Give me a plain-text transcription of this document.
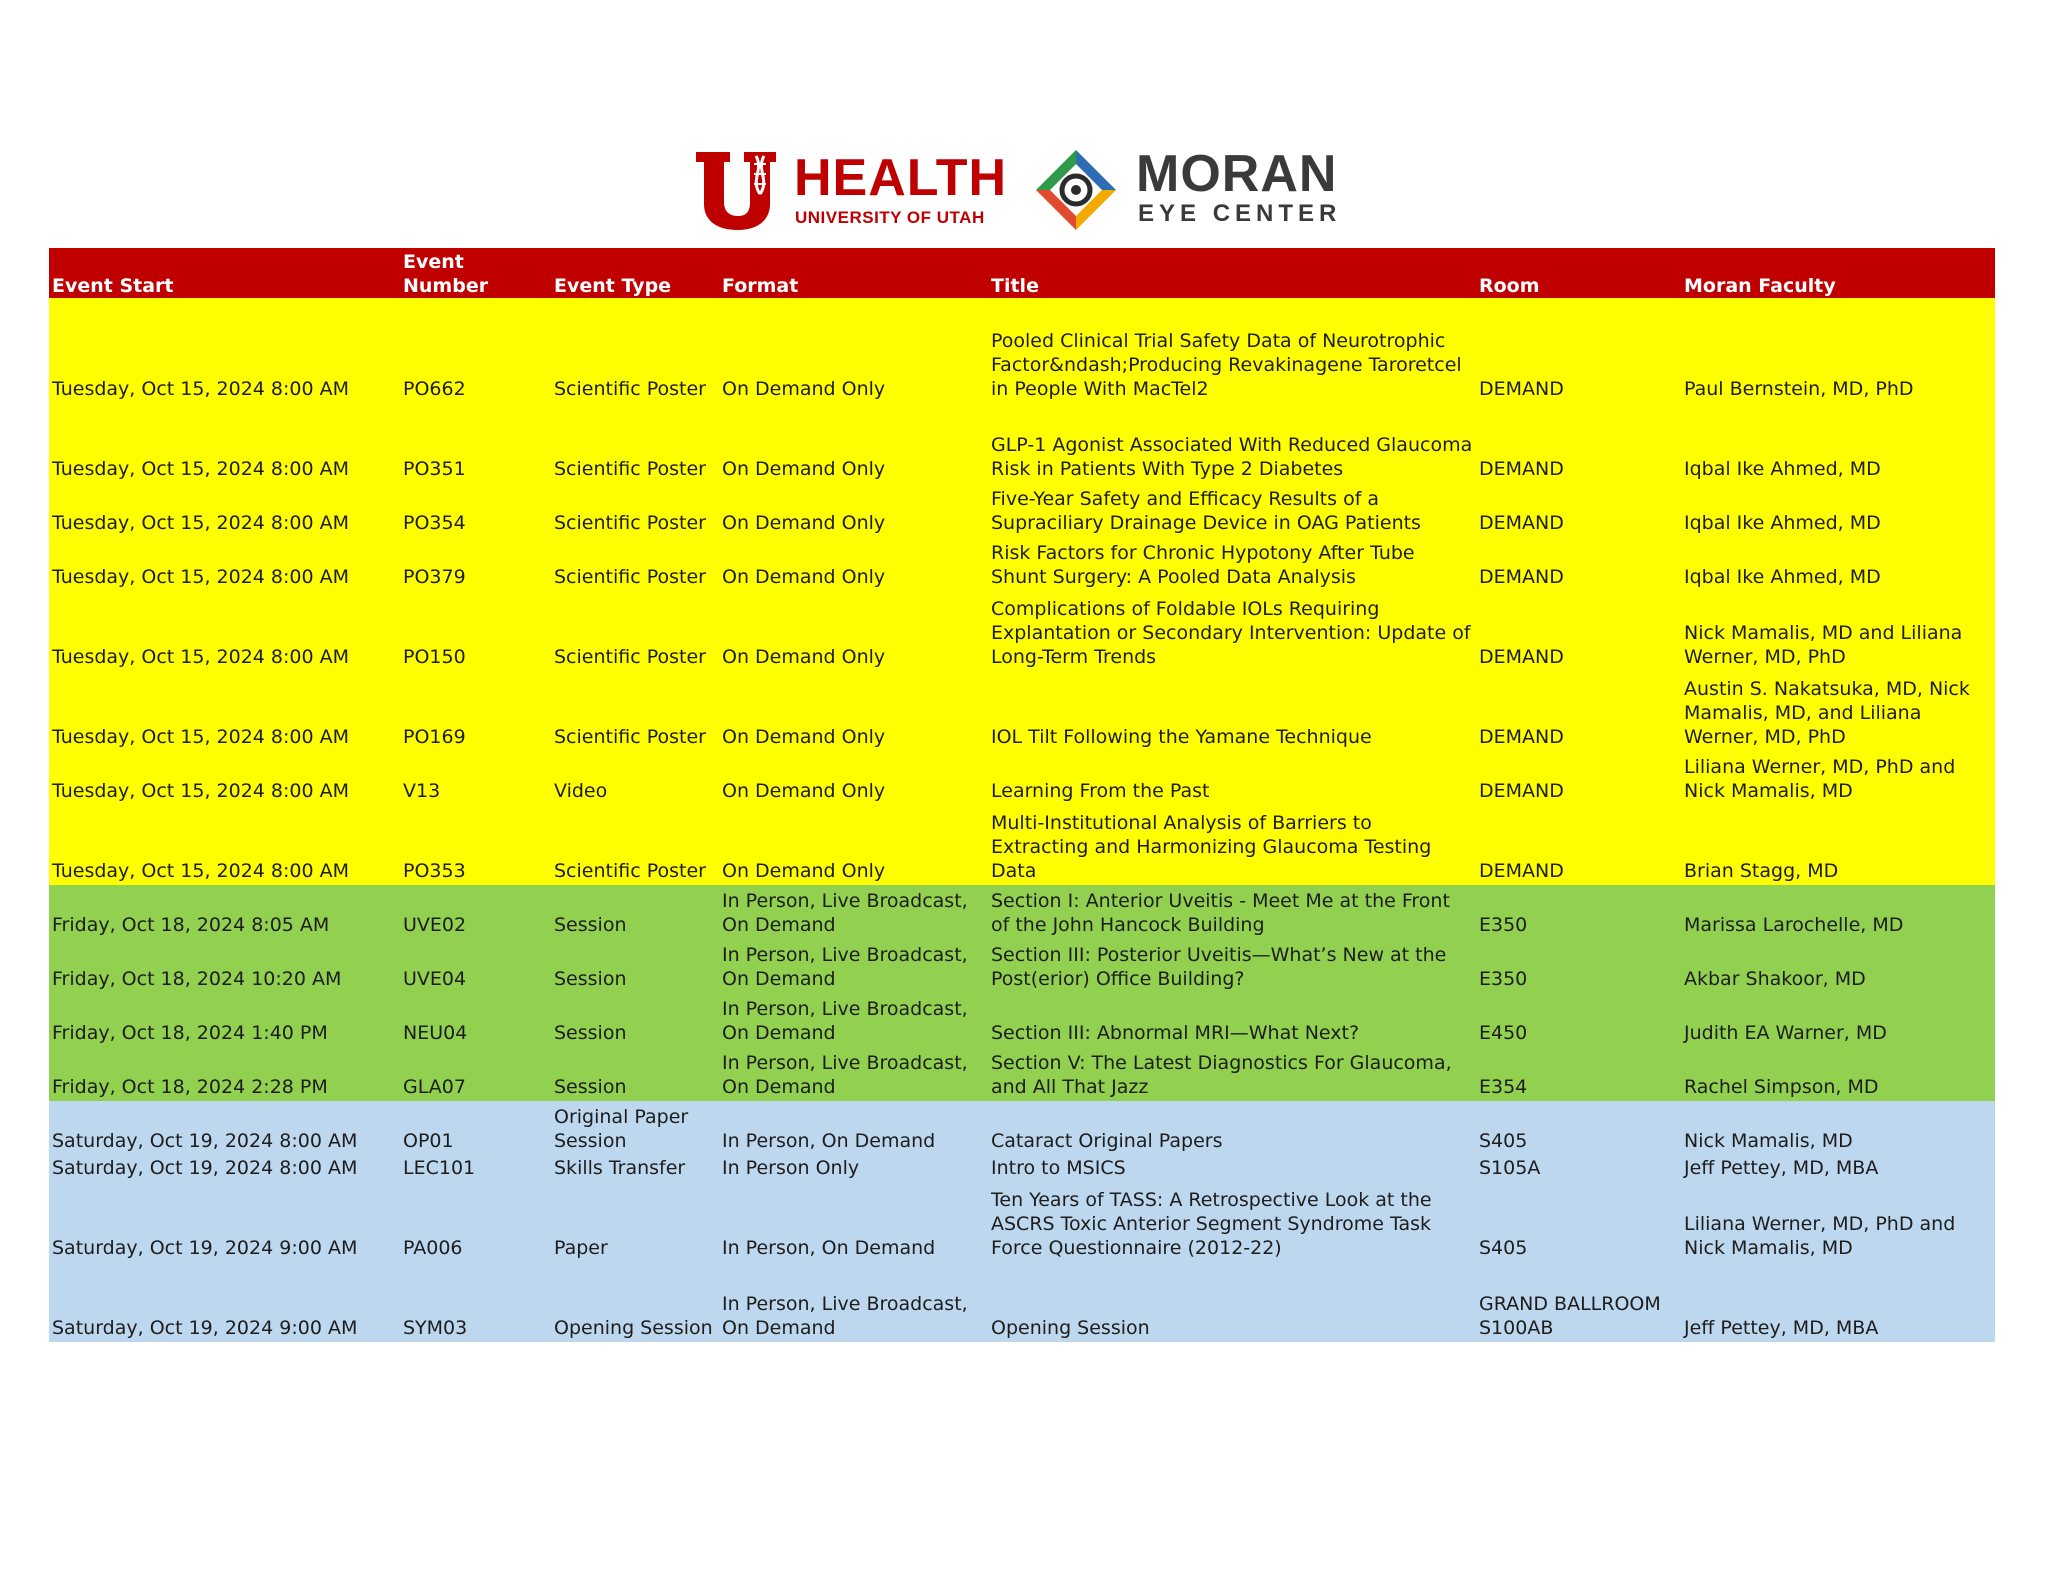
HEALTH
UNIVERSITY OF UTAH
MORAN
EYE CENTER
Event Start	Event Number	Event Type	Format	Title	Room	Moran Faculty
Tuesday, Oct 15, 2024 8:00 AM	PO662	Scientific Poster	On Demand Only	Pooled Clinical Trial Safety Data of Neurotrophic Factor&ndash;Producing Revakinagene Taroretcel in People With MacTel2	DEMAND	Paul Bernstein, MD, PhD
Tuesday, Oct 15, 2024 8:00 AM	PO351	Scientific Poster	On Demand Only	GLP-1 Agonist Associated With Reduced Glaucoma Risk in Patients With Type 2 Diabetes	DEMAND	Iqbal Ike Ahmed, MD
Tuesday, Oct 15, 2024 8:00 AM	PO354	Scientific Poster	On Demand Only	Five-Year Safety and Efficacy Results of a Supraciliary Drainage Device in OAG Patients	DEMAND	Iqbal Ike Ahmed, MD
Tuesday, Oct 15, 2024 8:00 AM	PO379	Scientific Poster	On Demand Only	Risk Factors for Chronic Hypotony After Tube Shunt Surgery: A Pooled Data Analysis	DEMAND	Iqbal Ike Ahmed, MD
Tuesday, Oct 15, 2024 8:00 AM	PO150	Scientific Poster	On Demand Only	Complications of Foldable IOLs Requiring Explantation or Secondary Intervention: Update of Long-Term Trends	DEMAND	Nick Mamalis, MD and Liliana Werner, MD, PhD
Tuesday, Oct 15, 2024 8:00 AM	PO169	Scientific Poster	On Demand Only	IOL Tilt Following the Yamane Technique	DEMAND	Austin S. Nakatsuka, MD, Nick Mamalis, MD, and Liliana Werner, MD, PhD
Tuesday, Oct 15, 2024 8:00 AM	V13	Video	On Demand Only	Learning From the Past	DEMAND	Liliana Werner, MD, PhD and Nick Mamalis, MD
Tuesday, Oct 15, 2024 8:00 AM	PO353	Scientific Poster	On Demand Only	Multi-Institutional Analysis of Barriers to Extracting and Harmonizing Glaucoma Testing Data	DEMAND	Brian Stagg, MD
Friday, Oct 18, 2024 8:05 AM	UVE02	Session	In Person, Live Broadcast, On Demand	Section I: Anterior Uveitis - Meet Me at the Front of the John Hancock Building	E350	Marissa Larochelle, MD
Friday, Oct 18, 2024 10:20 AM	UVE04	Session	In Person, Live Broadcast, On Demand	Section III: Posterior Uveitis—What’s New at the Post(erior) Office Building?	E350	Akbar Shakoor, MD
Friday, Oct 18, 2024 1:40 PM	NEU04	Session	In Person, Live Broadcast, On Demand	Section III: Abnormal MRI—What Next?	E450	Judith EA Warner, MD
Friday, Oct 18, 2024 2:28 PM	GLA07	Session	In Person, Live Broadcast, On Demand	Section V: The Latest Diagnostics For Glaucoma, and All That Jazz	E354	Rachel Simpson, MD
Saturday, Oct 19, 2024 8:00 AM	OP01	Original Paper Session	In Person, On Demand	Cataract Original Papers	S405	Nick Mamalis, MD
Saturday, Oct 19, 2024 8:00 AM	LEC101	Skills Transfer	In Person Only	Intro to MSICS	S105A	Jeff Pettey, MD, MBA
Saturday, Oct 19, 2024 9:00 AM	PA006	Paper	In Person, On Demand	Ten Years of TASS: A Retrospective Look at the ASCRS Toxic Anterior Segment Syndrome Task Force Questionnaire (2012-22)	S405	Liliana Werner, MD, PhD and Nick Mamalis, MD
Saturday, Oct 19, 2024 9:00 AM	SYM03	Opening Session	In Person, Live Broadcast, On Demand	Opening Session	GRAND BALLROOM S100AB	Jeff Pettey, MD, MBA
